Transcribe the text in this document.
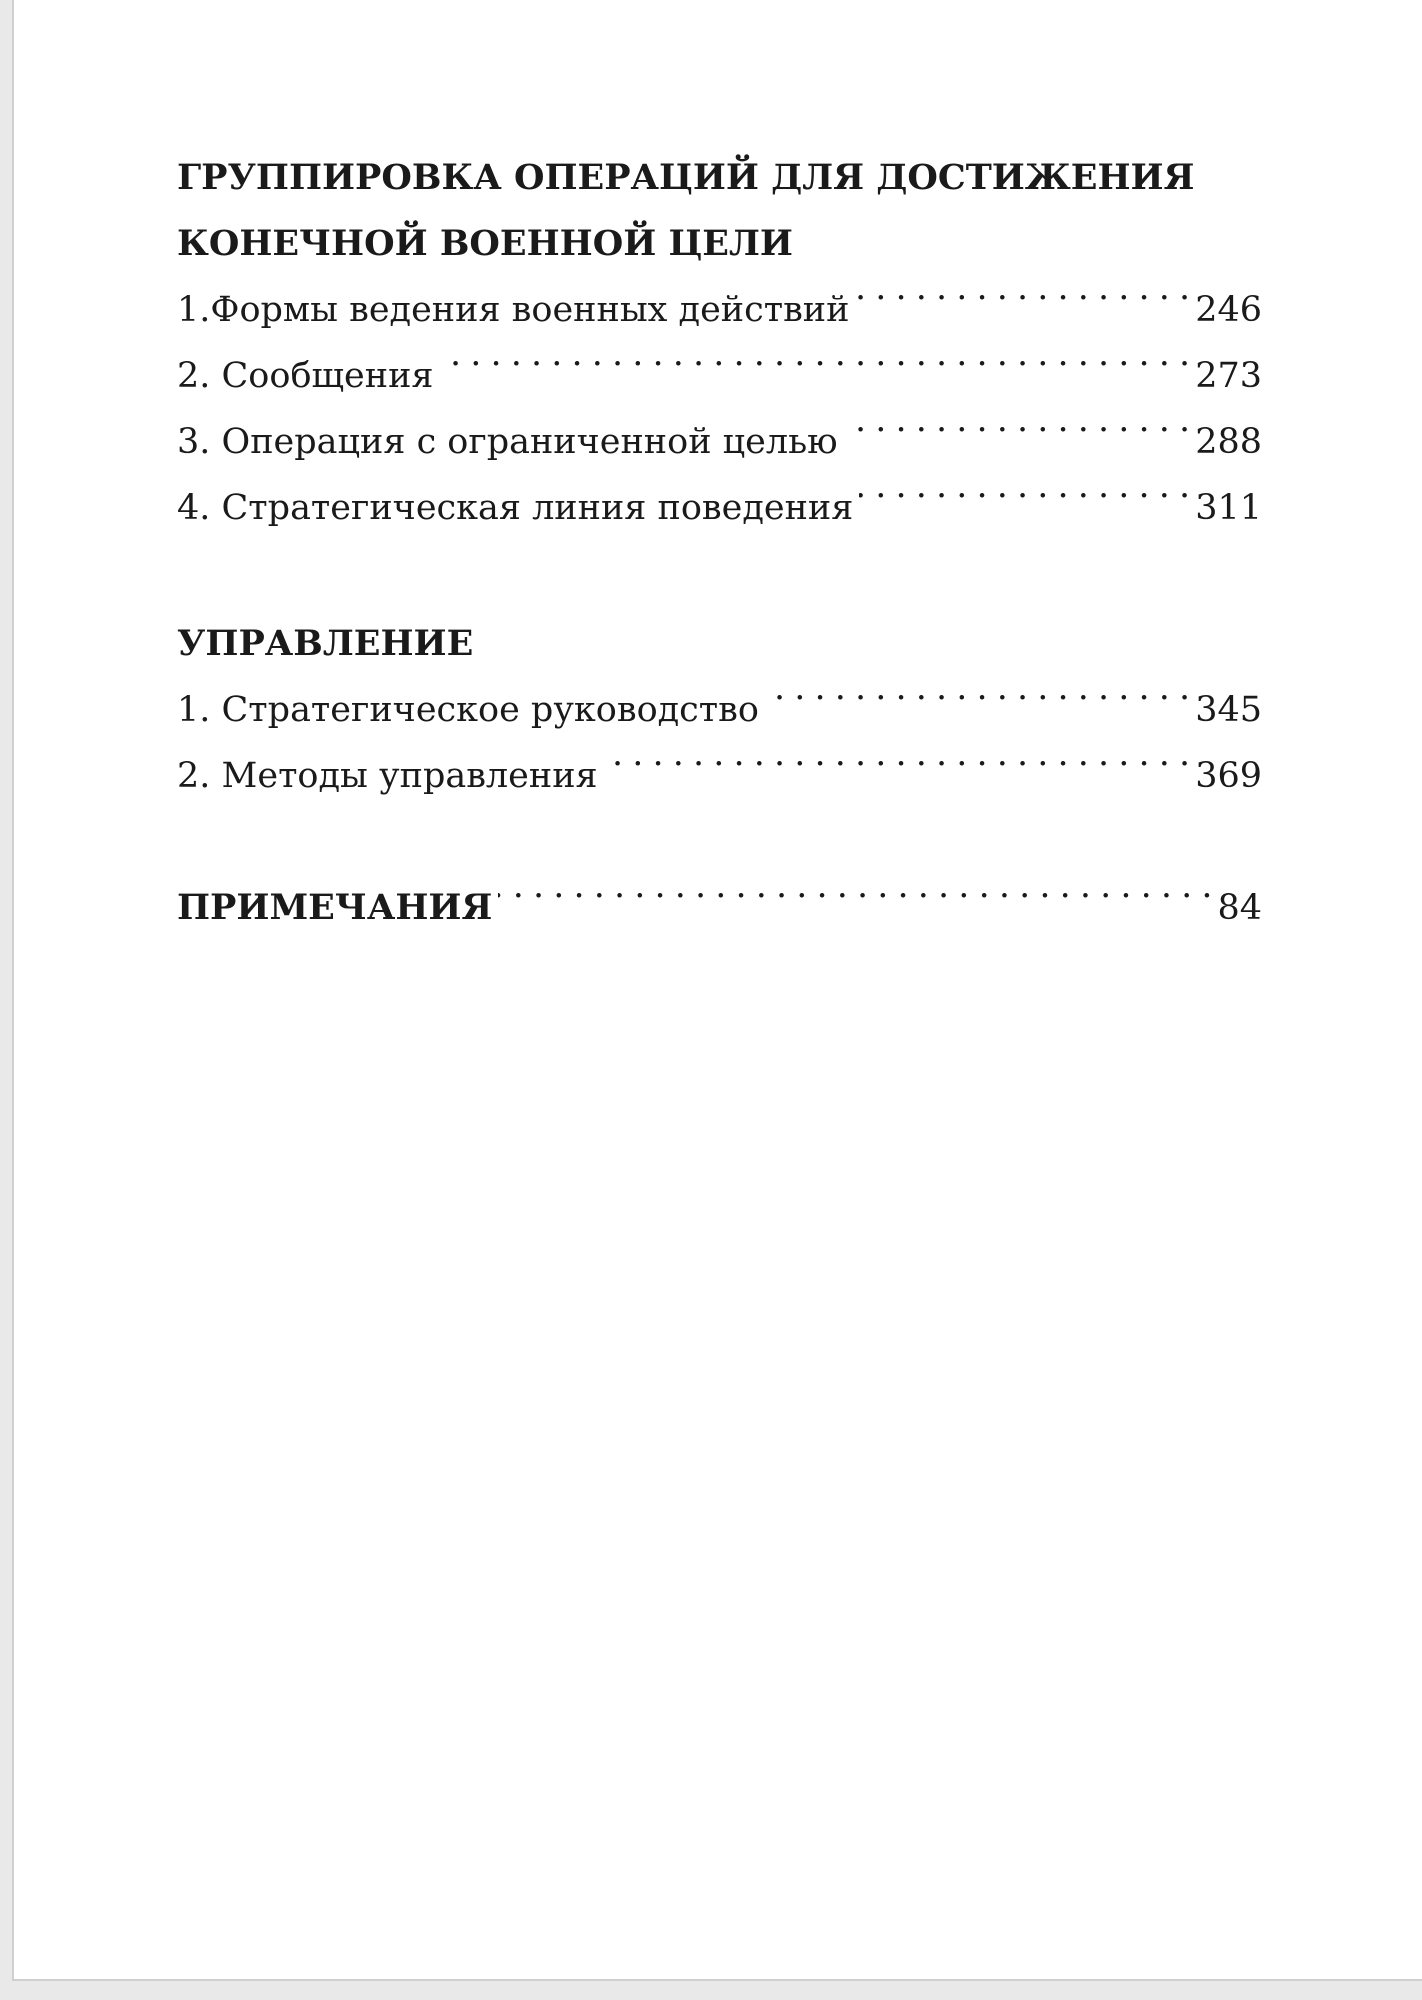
ГРУППИРОВКА ОПЕРАЦИЙ ДЛЯ ДОСТИЖЕНИЯ
КОНЕЧНОЙ ВОЕННОЙ ЦЕЛИ
1.Формы ведения военных действий . . .	246
2. Сообщения . . .	273
3. Операция с ограниченной целью . . .	288
4. Стратегическая линия поведения . . .	311
УПРАВЛЕНИЕ
1. Стратегическое руководство . . .	345
2. Методы управления . . .	369
ПРИМЕЧАНИЯ . . .	84
